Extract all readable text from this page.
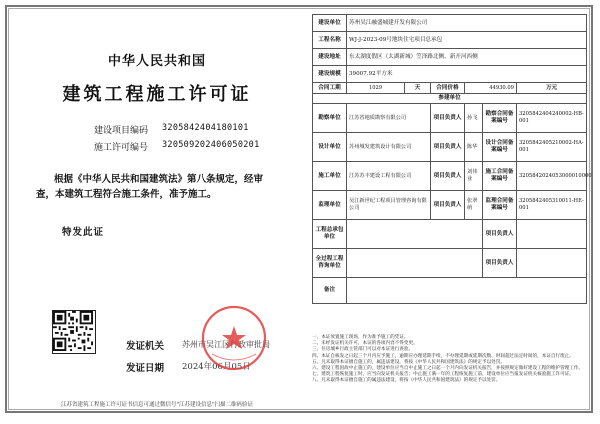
中华人民共和国
建筑工程施工许可证
建设项目编码	3205842404180101
施工许可编号	320509202406050201
根据《中华人民共和国建筑法》第八条规定，经审查，本建筑工程符合施工条件，准予施工。
特发此证
发证机关 苏州市吴江区行政审批局
发证日期 2024年06月05日
江苏省建筑工程施工许可证书信息可通过微信号"江苏建设信息"扫描二维码验证
建设单位	苏州吴江融盛城建开发有限公司					
工程名称	WJ-J-2023-09号地块住宅项目总承包					
建设地址	东太湖度假区（太湖新城）笠泽路北侧、新开河西侧					
建设规模	39007.92平方米					
合同工期	1029	天	合同价格	44930.09		万元
参建单位						
勘察单位	江苏省地质勘察有限公司		项目负责人	孙飞	勘察合同备案编号	3205842404240002-HB-001
设计单位	苏州城发建筑设计有限公司		项目负责人	陈华	设计合同备案编号	3205842405210002-HA-001
施工单位	江苏苏丰建设工程有限公司		项目负责人	刘伟业	施工合同备案编号	3205842024053000010000
监理单位	吴江新世纪工程项目管理咨询有限公司		项目负责人	张翠萌	监理合同备案编号	3205842405310011-HE-001
工程总承包单位					项目负责人	
全过程工程咨询单位					项目负责人	
备注						
一、本证放置施工现场，作为准予施工的凭证。
二、未经发证机关许可，本证的各项内容不得变更。
三、住房城乡行政主管部门可以对本证进行查验。
四、本证自核发之日起三个月内应予施工，逾期应办理延期手续，不办理延期或延期次数、时间超过法定时间的，本证自行废止。
五、凡未取得本证擅自施工的，属违法建设，将按《中华人民共和国建筑法》的规定予以处罚。
六、建设工程因故中止施工的，建设单位应当自中止施工之日起一个月内向发证机关报告，并按照规定做好建设工程的维护管理工作。
七、建筑工程恢复施工时，应当向发证机关报告；中止施工满一年的工程恢复施工前，建设单位应当报发证机关核验施工许可证。
八、凡未取得本证擅自施工的属违法建设，将按《中华人民共和国建筑法》的规定予以处罚。
